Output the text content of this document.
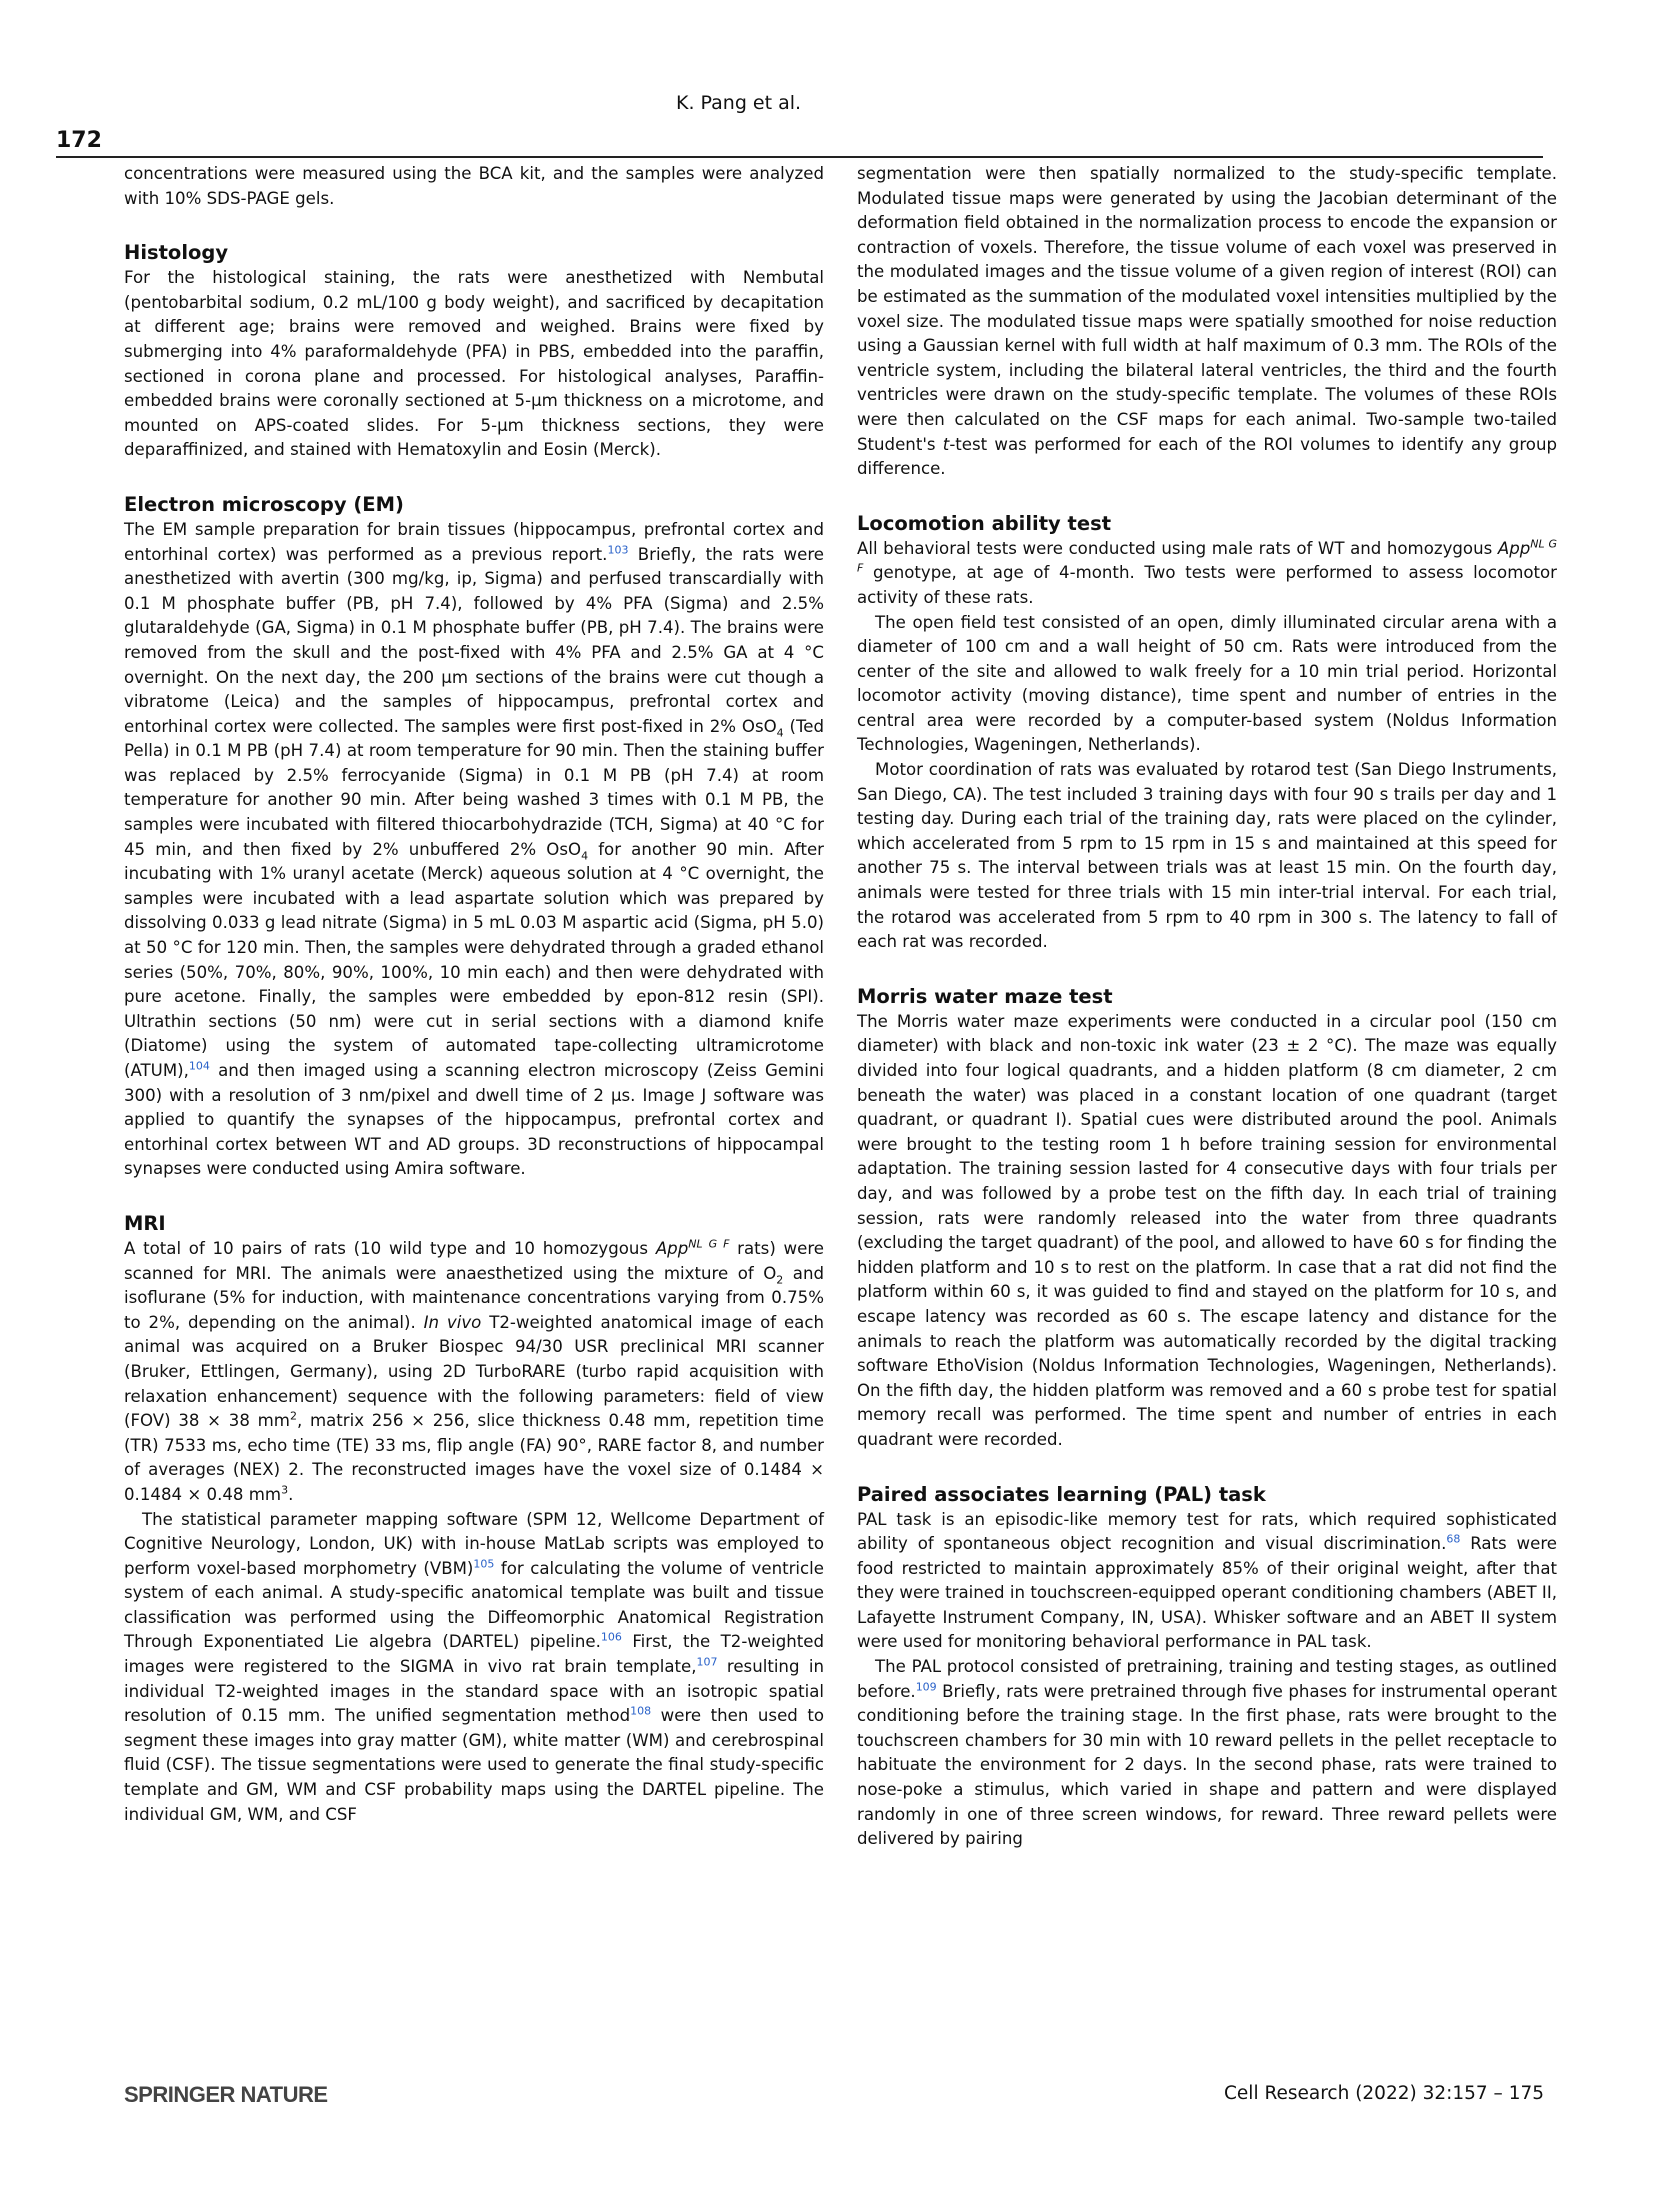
K. Pang et al.
172

concentrations were measured using the BCA kit, and the samples were analyzed with 10% SDS-PAGE gels.

Histology

For the histological staining, the rats were anesthetized with Nembutal (pentobarbital sodium, 0.2 mL/100 g body weight), and sacrificed by decapitation at different age; brains were removed and weighed. Brains were fixed by submerging into 4% paraformaldehyde (PFA) in PBS, embedded into the paraffin, sectioned in corona plane and processed. For histological analyses, Paraffin-embedded brains were coronally sectioned at 5-μm thickness on a microtome, and mounted on APS-coated slides. For 5-μm thickness sections, they were deparaffinized, and stained with Hematoxylin and Eosin (Merck).

Electron microscopy (EM)

The EM sample preparation for brain tissues (hippocampus, prefrontal cortex and entorhinal cortex) was performed as a previous report.$^{103}$ Briefly, the rats were anesthetized with avertin (300 mg/kg, ip, Sigma) and perfused transcardially with 0.1 M phosphate buffer (PB, pH 7.4), followed by 4% PFA (Sigma) and 2.5% glutaraldehyde (GA, Sigma) in 0.1 M phosphate buffer (PB, pH 7.4). The brains were removed from the skull and the post-fixed with 4% PFA and 2.5% GA at 4 °C overnight. On the next day, the 200 μm sections of the brains were cut though a vibratome (Leica) and the samples of hippocampus, prefrontal cortex and entorhinal cortex were collected. The samples were first post-fixed in 2% OsO$_4$ (Ted Pella) in 0.1 M PB (pH 7.4) at room temperature for 90 min. Then the staining buffer was replaced by 2.5% ferrocyanide (Sigma) in 0.1 M PB (pH 7.4) at room temperature for another 90 min. After being washed 3 times with 0.1 M PB, the samples were incubated with filtered thiocarbohydrazide (TCH, Sigma) at 40 °C for 45 min, and then fixed by 2% unbuffered 2% OsO$_4$ for another 90 min. After incubating with 1% uranyl acetate (Merck) aqueous solution at 4 °C overnight, the samples were incubated with a lead aspartate solution which was prepared by dissolving 0.033 g lead nitrate (Sigma) in 5 mL 0.03 M aspartic acid (Sigma, pH 5.0) at 50 °C for 120 min. Then, the samples were dehydrated through a graded ethanol series (50%, 70%, 80%, 90%, 100%, 10 min each) and then were dehydrated with pure acetone. Finally, the samples were embedded by epon-812 resin (SPI). Ultrathin sections (50 nm) were cut in serial sections with a diamond knife (Diatome) using the system of automated tape-collecting ultramicrotome (ATUM),$^{104}$ and then imaged using a scanning electron microscopy (Zeiss Gemini 300) with a resolution of 3 nm/pixel and dwell time of 2 μs. Image J software was applied to quantify the synapses of the hippocampus, prefrontal cortex and entorhinal cortex between WT and AD groups. 3D reconstructions of hippocampal synapses were conducted using Amira software.

MRI

A total of 10 pairs of rats (10 wild type and 10 homozygous App$^{NL G F}$ rats) were scanned for MRI. The animals were anaesthetized using the mixture of $O_2$ and isoflurane (5% for induction, with maintenance concentrations varying from 0.75% to 2%, depending on the animal). In vivo T2-weighted anatomical image of each animal was acquired on a Bruker Biospec 94/30 USR preclinical MRI scanner (Bruker, Ettlingen, Germany), using 2D TurboRARE (turbo rapid acquisition with relaxation enhancement) sequence with the following parameters: field of view (FOV) 38 × 38 $mm^2$, matrix 256 × 256, slice thickness 0.48 mm, repetition time (TR) 7533 ms, echo time (TE) 33 ms, flip angle (FA) 90°, RARE factor 8, and number of averages (NEX) 2. The reconstructed images have the voxel size of 0.1484 × 0.1484 × 0.48 $mm^3$.

The statistical parameter mapping software (SPM 12, Wellcome Department of Cognitive Neurology, London, UK) with in-house MatLab scripts was employed to perform voxel-based morphometry (VBM)$^{105}$ for calculating the volume of ventricle system of each animal. A study-specific anatomical template was built and tissue classification was performed using the Diffeomorphic Anatomical Registration Through Exponentiated Lie algebra (DARTEL) pipeline.$^{106}$ First, the T2-weighted images were registered to the SIGMA in vivo rat brain template,$^{107}$ resulting in individual T2-weighted images in the standard space with an isotropic spatial resolution of 0.15 mm. The unified segmentation method$^{108}$ were then used to segment these images into gray matter (GM), white matter (WM) and cerebrospinal fluid (CSF). The tissue segmentations were used to generate the final study-specific template and GM, WM and CSF probability maps using the DARTEL pipeline. The individual GM, WM, and CSF

segmentation were then spatially normalized to the study-specific template. Modulated tissue maps were generated by using the Jacobian determinant of the deformation field obtained in the normalization process to encode the expansion or contraction of voxels. Therefore, the tissue volume of each voxel was preserved in the modulated images and the tissue volume of a given region of interest (ROI) can be estimated as the summation of the modulated voxel intensities multiplied by the voxel size. The modulated tissue maps were spatially smoothed for noise reduction using a Gaussian kernel with full width at half maximum of 0.3 mm. The ROIs of the ventricle system, including the bilateral lateral ventricles, the third and the fourth ventricles were drawn on the study-specific template. The volumes of these ROIs were then calculated on the CSF maps for each animal. Two-sample two-tailed Student's t-test was performed for each of the ROI volumes to identify any group difference.

Locomotion ability test

All behavioral tests were conducted using male rats of WT and homozygous App$^{NL G F}$ genotype, at age of 4-month. Two tests were performed to assess locomotor activity of these rats.

The open field test consisted of an open, dimly illuminated circular arena with a diameter of 100 cm and a wall height of 50 cm. Rats were introduced from the center of the site and allowed to walk freely for a 10 min trial period. Horizontal locomotor activity (moving distance), time spent and number of entries in the central area were recorded by a computer-based system (Noldus Information Technologies, Wageningen, Netherlands).

Motor coordination of rats was evaluated by rotarod test (San Diego Instruments, San Diego, CA). The test included 3 training days with four 90 s trails per day and 1 testing day. During each trial of the training day, rats were placed on the cylinder, which accelerated from 5 rpm to 15 rpm in 15 s and maintained at this speed for another 75 s. The interval between trials was at least 15 min. On the fourth day, animals were tested for three trials with 15 min inter-trial interval. For each trial, the rotarod was accelerated from 5 rpm to 40 rpm in 300 s. The latency to fall of each rat was recorded.

Morris water maze test

The Morris water maze experiments were conducted in a circular pool (150 cm diameter) with black and non-toxic ink water (23 ± 2 °C). The maze was equally divided into four logical quadrants, and a hidden platform (8 cm diameter, 2 cm beneath the water) was placed in a constant location of one quadrant (target quadrant, or quadrant I). Spatial cues were distributed around the pool. Animals were brought to the testing room 1 h before training session for environmental adaptation. The training session lasted for 4 consecutive days with four trials per day, and was followed by a probe test on the fifth day. In each trial of training session, rats were randomly released into the water from three quadrants (excluding the target quadrant) of the pool, and allowed to have 60 s for finding the hidden platform and 10 s to rest on the platform. In case that a rat did not find the platform within 60 s, it was guided to find and stayed on the platform for 10 s, and escape latency was recorded as 60 s. The escape latency and distance for the animals to reach the platform was automatically recorded by the digital tracking software EthoVision (Noldus Information Technologies, Wageningen, Netherlands). On the fifth day, the hidden platform was removed and a 60 s probe test for spatial memory recall was performed. The time spent and number of entries in each quadrant were recorded.

Paired associates learning (PAL) task

PAL task is an episodic-like memory test for rats, which required sophisticated ability of spontaneous object recognition and visual discrimination.$^{68}$ Rats were food restricted to maintain approximately 85% of their original weight, after that they were trained in touchscreen-equipped operant conditioning chambers (ABET II, Lafayette Instrument Company, IN, USA). Whisker software and an ABET II system were used for monitoring behavioral performance in PAL task.

The PAL protocol consisted of pretraining, training and testing stages, as outlined before.$^{109}$ Briefly, rats were pretrained through five phases for instrumental operant conditioning before the training stage. In the first phase, rats were brought to the touchscreen chambers for 30 min with 10 reward pellets in the pellet receptacle to habituate the environment for 2 days. In the second phase, rats were trained to nose-poke a stimulus, which varied in shape and pattern and were displayed randomly in one of three screen windows, for reward. Three reward pellets were delivered by pairing

SPRINGER NATURE	Cell Research (2022) 32:157 – 175
